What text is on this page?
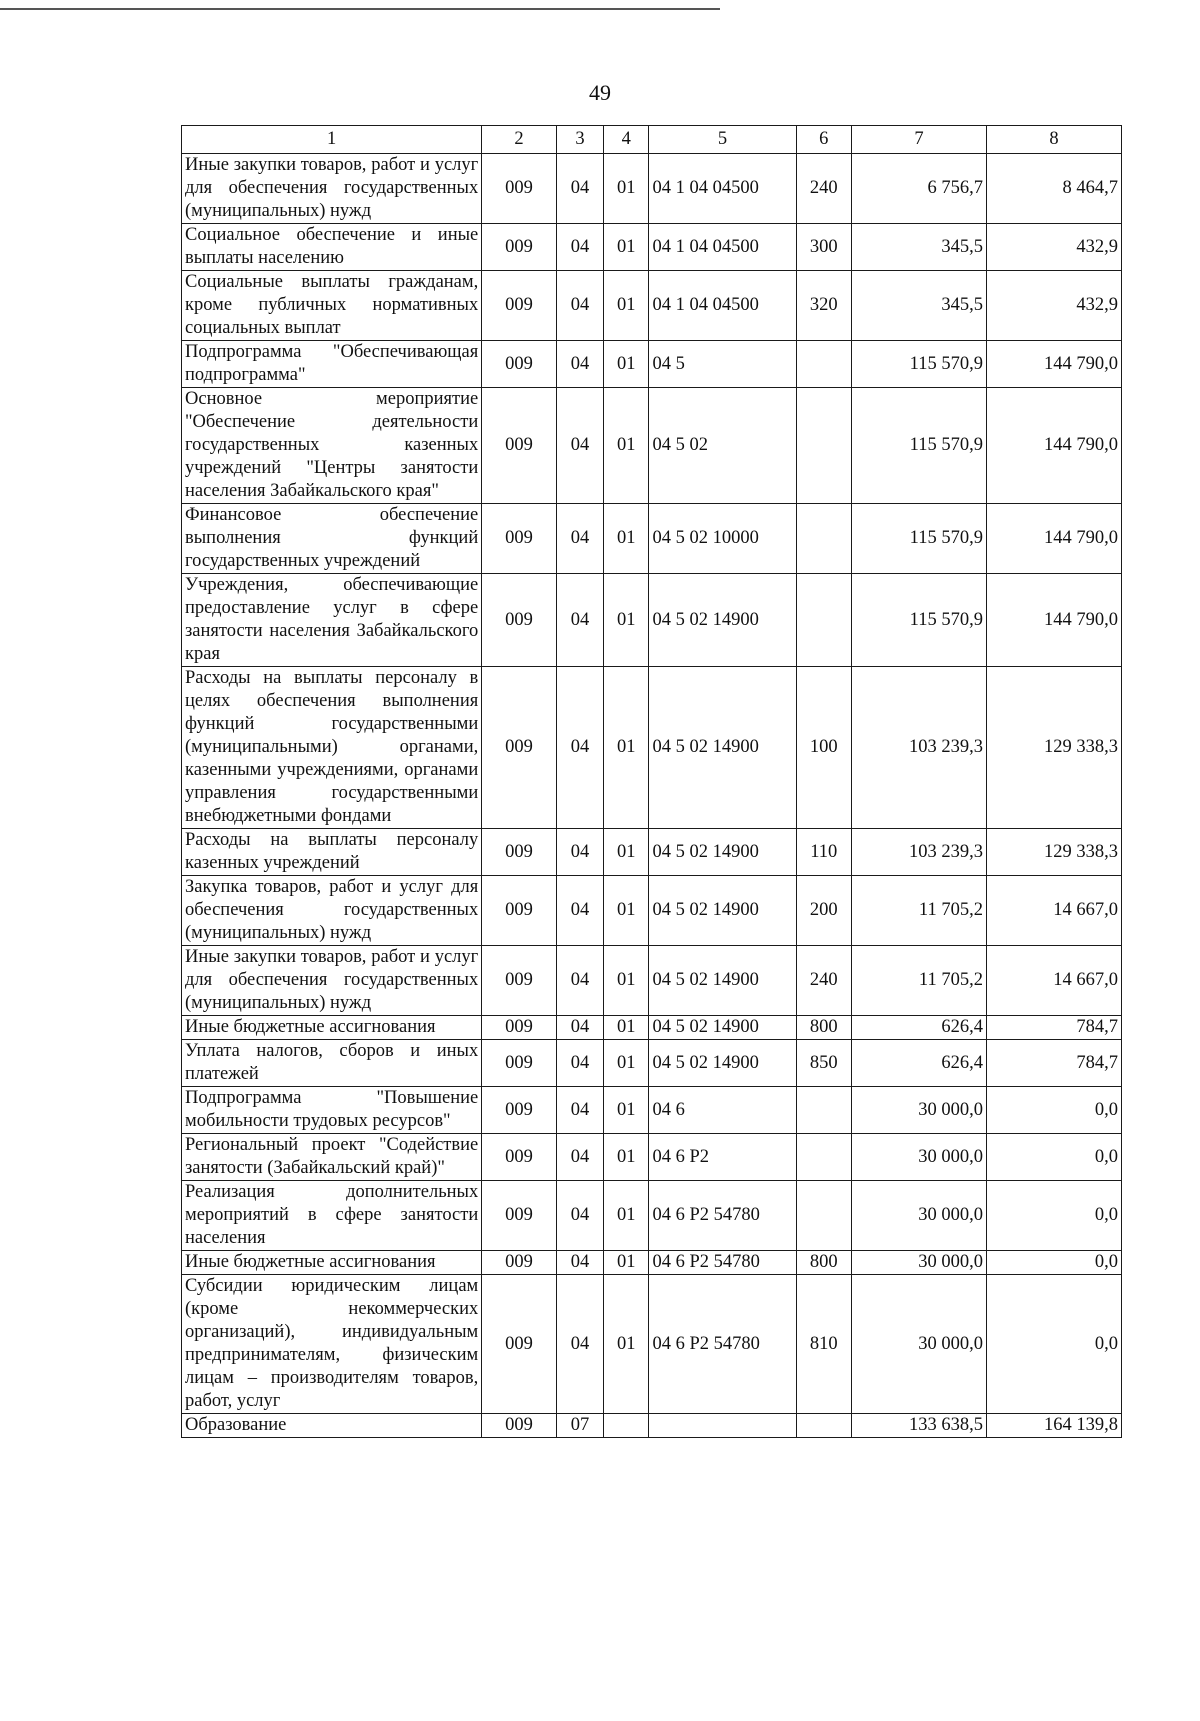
49
1	2	3	4	5	6	7	8
Иные закупки товаров, работ и услуг для обеспечения государственных (муниципальных) нужд	009	04	01	04 1 04 04500	240	6 756,7	8 464,7
Социальное обеспечение и иные выплаты населению	009	04	01	04 1 04 04500	300	345,5	432,9
Социальные выплаты гражданам, кроме публичных нормативных социальных выплат	009	04	01	04 1 04 04500	320	345,5	432,9
Подпрограмма "Обеспечивающая подпрограмма"	009	04	01	04 5		115 570,9	144 790,0
Основное мероприятие "Обеспечение деятельности государственных казенных учреждений "Центры занятости населения Забайкальского края"	009	04	01	04 5 02		115 570,9	144 790,0
Финансовое обеспечение выполнения функций государственных учреждений	009	04	01	04 5 02 10000		115 570,9	144 790,0
Учреждения, обеспечивающие предоставление услуг в сфере занятости населения Забайкальского края	009	04	01	04 5 02 14900		115 570,9	144 790,0
Расходы на выплаты персоналу в целях обеспечения выполнения функций государственными (муниципальными) органами, казенными учреждениями, органами управления государственными внебюджетными фондами	009	04	01	04 5 02 14900	100	103 239,3	129 338,3
Расходы на выплаты персоналу казенных учреждений	009	04	01	04 5 02 14900	110	103 239,3	129 338,3
Закупка товаров, работ и услуг для обеспечения государственных (муниципальных) нужд	009	04	01	04 5 02 14900	200	11 705,2	14 667,0
Иные закупки товаров, работ и услуг для обеспечения государственных (муниципальных) нужд	009	04	01	04 5 02 14900	240	11 705,2	14 667,0
Иные бюджетные ассигнования	009	04	01	04 5 02 14900	800	626,4	784,7
Уплата налогов, сборов и иных платежей	009	04	01	04 5 02 14900	850	626,4	784,7
Подпрограмма "Повышение мобильности трудовых ресурсов"	009	04	01	04 6		30 000,0	0,0
Региональный проект "Содействие занятости (Забайкальский край)"	009	04	01	04 6 P2		30 000,0	0,0
Реализация дополнительных мероприятий в сфере занятости населения	009	04	01	04 6 P2 54780		30 000,0	0,0
Иные бюджетные ассигнования	009	04	01	04 6 P2 54780	800	30 000,0	0,0
Субсидии юридическим лицам (кроме некоммерческих организаций), индивидуальным предпринимателям, физическим лицам – производителям товаров, работ, услуг	009	04	01	04 6 P2 54780	810	30 000,0	0,0
Образование	009	07				133 638,5	164 139,8
